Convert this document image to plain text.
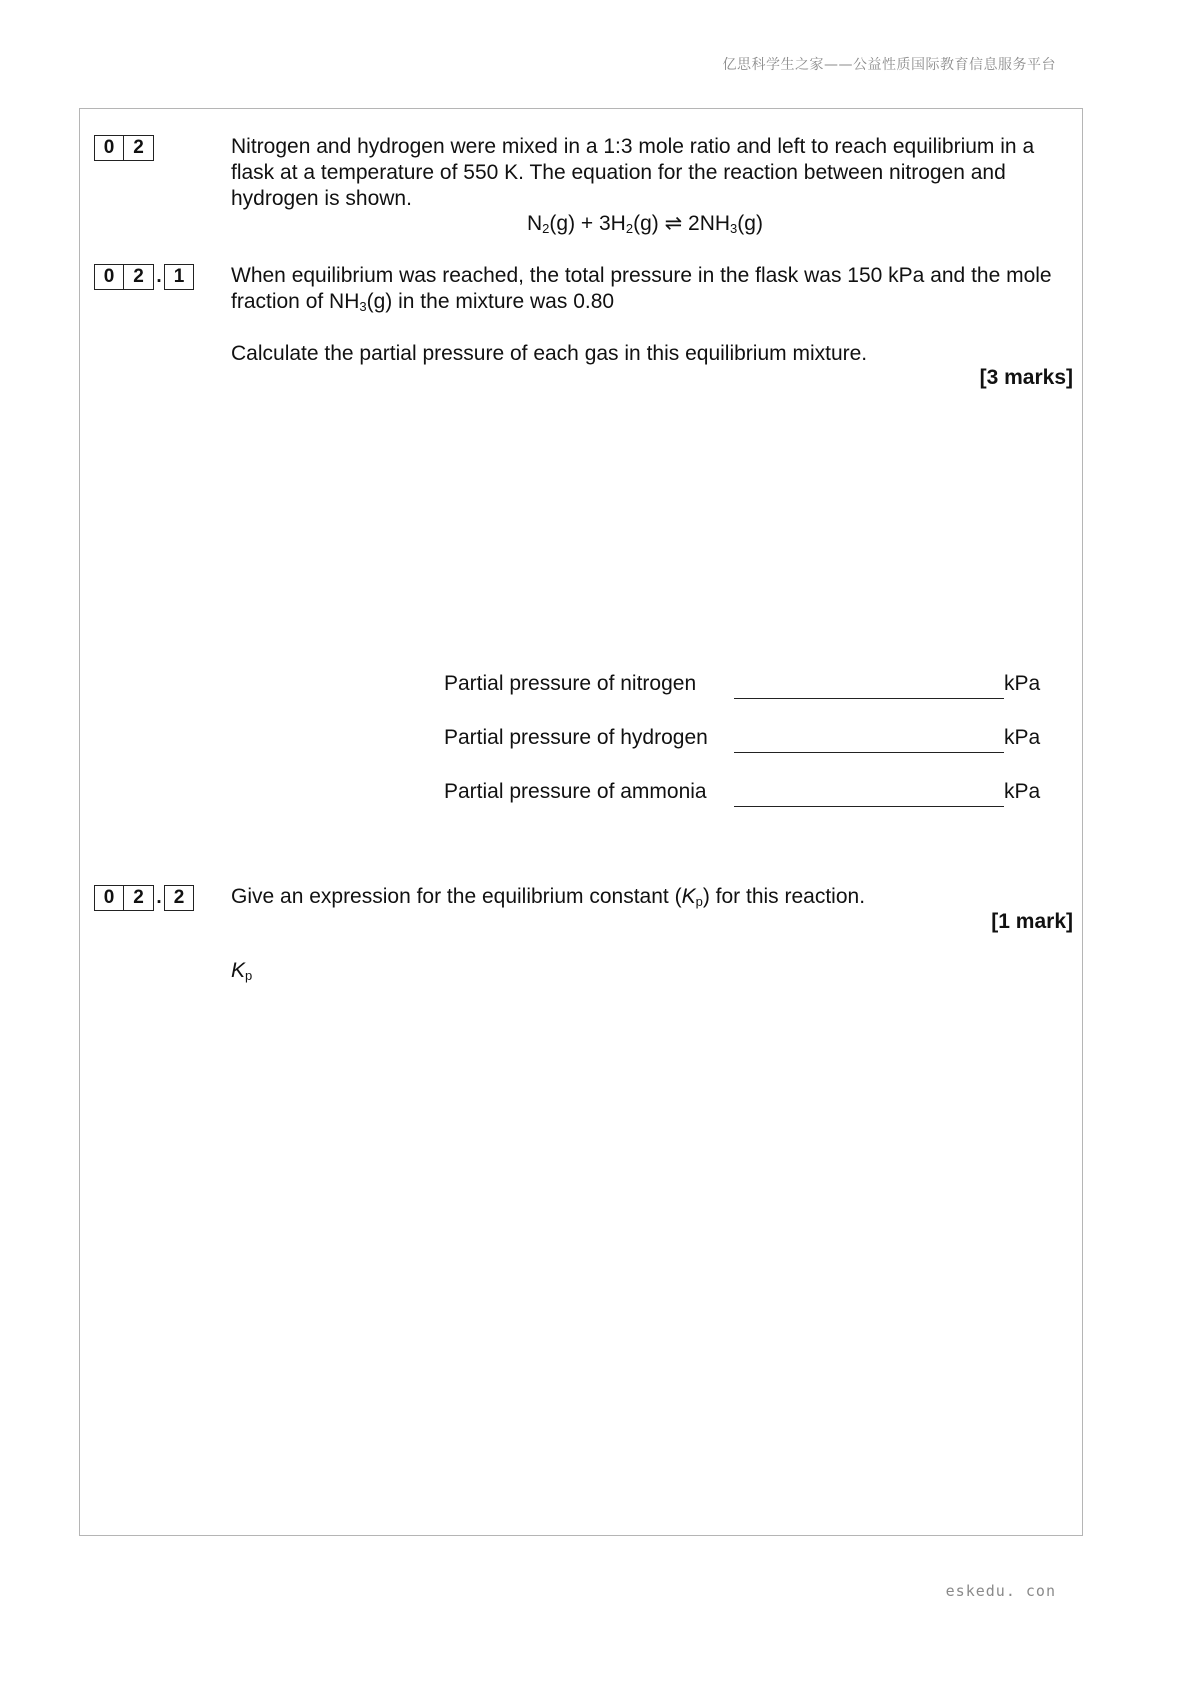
亿思科学生之家——公益性质国际教育信息服务平台
0 2	Nitrogen and hydrogen were mixed in a 1:3 mole ratio and left to reach equilibrium in a flask at a temperature of 550 K. The equation for the reaction between nitrogen and hydrogen is shown.

$N_2(g) + 3H_2(g)$ ⇌ $2NH_3(g)$
0 2 . 1	When equilibrium was reached, the total pressure in the flask was 150 kPa and the mole fraction of $NH_3(g)$ in the mixture was 0.80

Calculate the partial pressure of each gas in this equilibrium mixture.

[3 marks]
Partial pressure of nitrogen	kPa
Partial pressure of hydrogen	kPa
Partial pressure of ammonia	kPa
0 2 . 2	Give an expression for the equilibrium constant $(K_p)$ for this reaction.

[1 mark]
$K_p$
eskedu. con
